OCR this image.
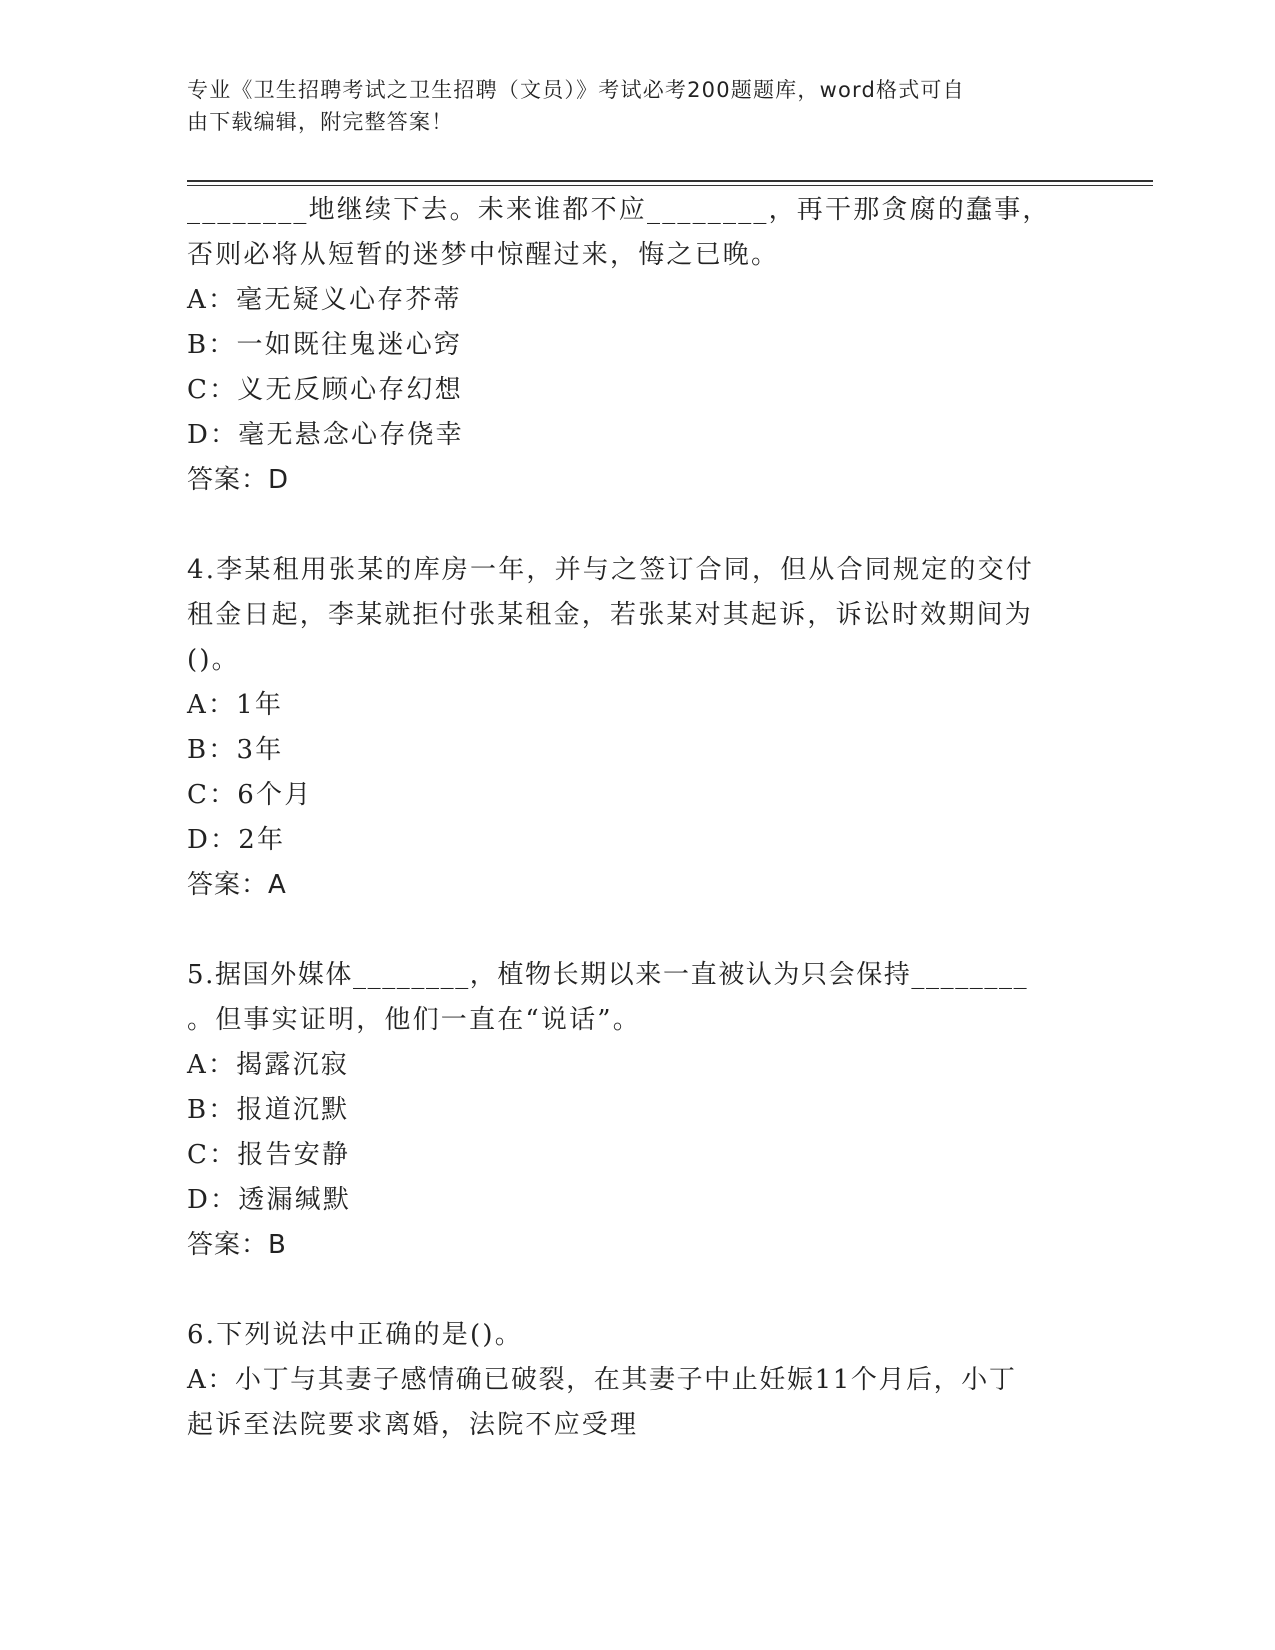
专业《卫生招聘考试之卫生招聘（文员）》考试必考200题题库，word格式可自
由下载编辑，附完整答案！

________地继续下去。未来谁都不应________，再干那贪腐的蠢事，

否则必将从短暂的迷梦中惊醒过来，悔之已晚。

A：毫无疑义心存芥蒂

B：一如既往鬼迷心窍

C：义无反顾心存幻想

D：毫无悬念心存侥幸

答案：D

4.李某租用张某的库房一年，并与之签订合同，但从合同规定的交付

租金日起，李某就拒付张某租金，若张某对其起诉，诉讼时效期间为

()。

A：1年

B：3年

C：6个月

D：2年

答案：A

5.据国外媒体________，植物长期以来一直被认为只会保持________

。但事实证明，他们一直在“说话”。

A：揭露沉寂

B：报道沉默

C：报告安静

D：透漏缄默

答案：B

6.下列说法中正确的是()。

A：小丁与其妻子感情确已破裂，在其妻子中止妊娠11个月后，小丁

起诉至法院要求离婚，法院不应受理
